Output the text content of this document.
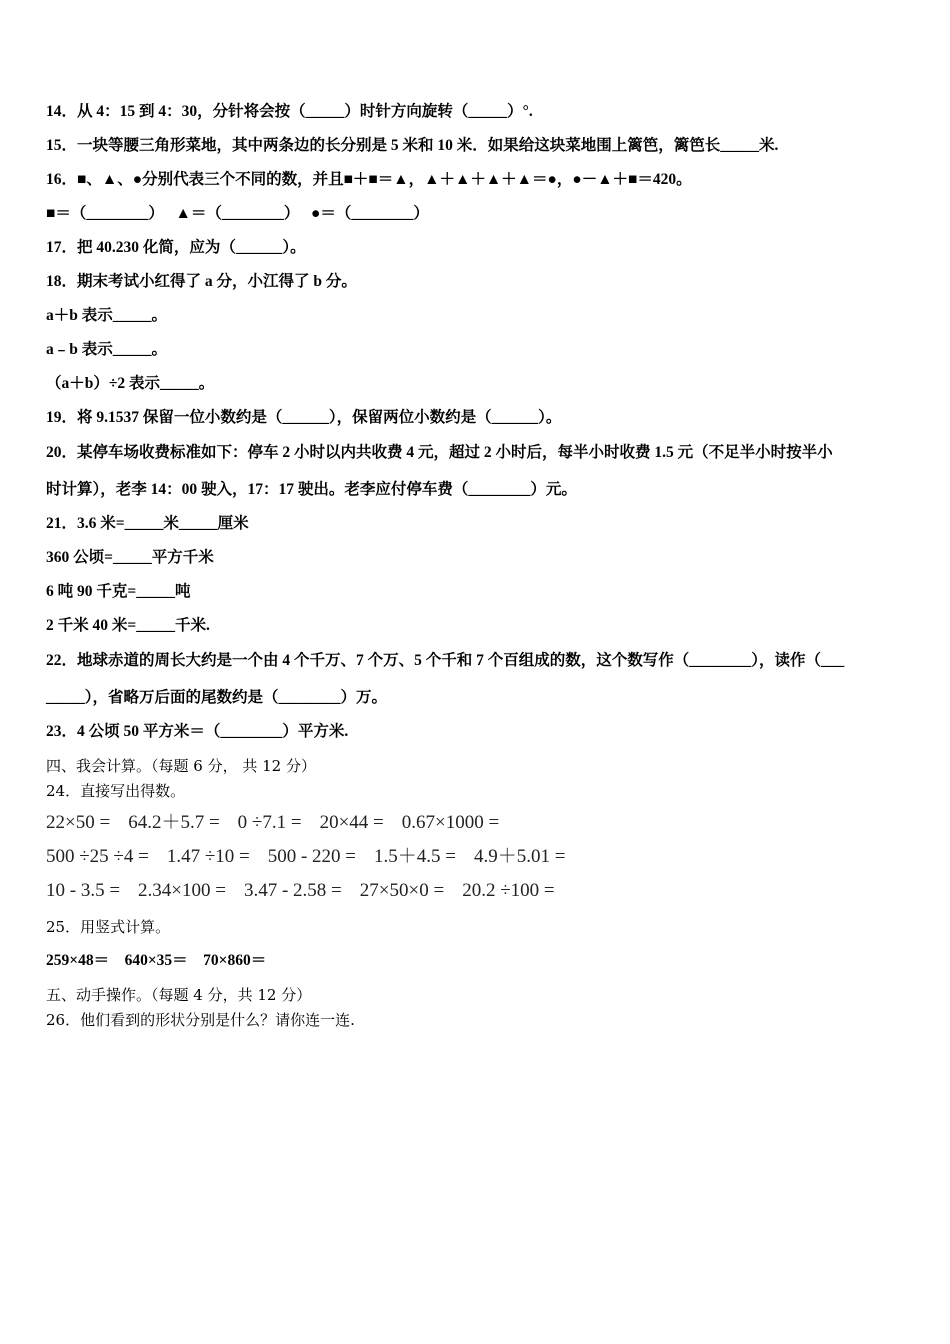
14．从 4：15 到 4：30，分针将会按（_____）时针方向旋转（_____）°.
15．一块等腰三角形菜地，其中两条边的长分别是 5 米和 10 米．如果给这块菜地围上篱笆，篱笆长_____米.
16．■、▲、●分别代表三个不同的数，并且■＋■＝▲，▲＋▲＋▲＋▲＝●，●－▲＋■＝420。
■＝（________）　 ▲＝（________）　 ●＝（________）
17．把 40.230 化简，应为（______）。
18．期末考试小红得了 a 分，小江得了 b 分。
a＋b 表示_____。
a﹣b 表示_____。
（a＋b）÷2 表示_____。
19．将 9.1537 保留一位小数约是（______），保留两位小数约是（______）。
20．某停车场收费标准如下：停车 2 小时以内共收费 4 元，超过 2 小时后，每半小时收费 1.5 元（不足半小时按半小
时计算），老李 14：00 驶入，17：17 驶出。老李应付停车费（________）元。
21．3.6 米=_____米_____厘米
360 公顷=_____平方千米
6 吨 90 千克=_____吨
2 千米 40 米=_____千米.
22．地球赤道的周长大约是一个由 4 个千万、7 个万、5 个千和 7 个百组成的数，这个数写作（________），读作（___
_____），省略万后面的尾数约是（________）万。
23．4 公顷 50 平方米＝（________）平方米.
四、我会计算。（每题 6 分， 共 12 分）
24．直接写出得数。
22×50 = 64.2＋5.7 = 0 ÷7.1 = 20×44 = 0.67×1000 =
500 ÷25 ÷4 = 1.47 ÷10 = 500 - 220 = 1.5＋4.5 = 4.9＋5.01 =
10 - 3.5 = 2.34×100 = 3.47 - 2.58 = 27×50×0 = 20.2 ÷100 =
25．用竖式计算。
259×48＝　640×35＝　70×860＝
五、动手操作。（每题 4 分，共 12 分）
26．他们看到的形状分别是什么？请你连一连.
